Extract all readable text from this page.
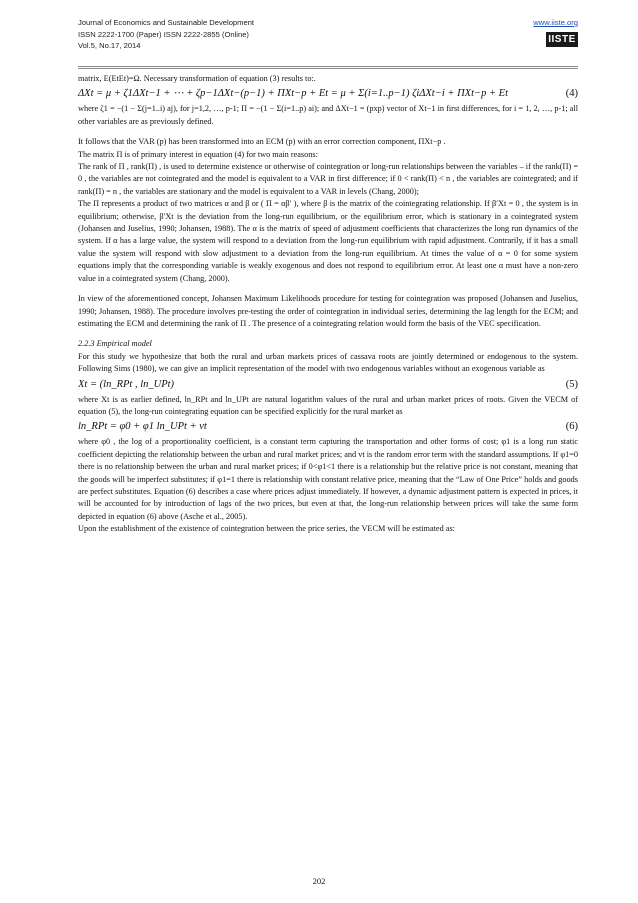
Journal of Economics and Sustainable Development
ISSN 2222-1700 (Paper) ISSN 2222-2855 (Online)
Vol.5, No.17, 2014
www.iiste.org
IISTE

matrix, E(EtEt)=Ω. Necessary transformation of equation (3) results to:.

ΔXt = μ + ζ1ΔXt−1 + ⋯ + ζp−1ΔXt−(p−1) + ΠXt−p + Et = μ + Σ(i=1..p−1) ζiΔXt−i + ΠXt−p + Et	(4)

where ζ1 = −(1 − Σ(j=1..i) aj), for j=1,2, …, p-1; Π = −(1 − Σ(i=1..p) ai); and ΔXt−1 = (pxp) vector of Xt−1 in first differences, for i = 1, 2, …, p-1; all other variables are as previously defined.

It follows that the VAR (p) has been transformed into an ECM (p) with an error correction component, ΠXt−p .

The matrix Π is of primary interest in equation (4) for two main reasons:

The rank of Π , rank(Π) , is used to determine existence or otherwise of cointegration or long-run relationships between the variables – if the rank(Π) = 0 , the variables are not cointegrated and the model is equivalent to a VAR in first difference; if 0 < rank(Π) < n , the variables are cointegrated; and if rank(Π) = n , the variables are stationary and the model is equivalent to a VAR in levels (Chang, 2000);

The Π represents a product of two matrices α and β or ( Π = αβ′ ), where β is the matrix of the cointegrating relationship. If β′Xt = 0 , the system is in equilibrium; otherwise, β′Xt is the deviation from the long-run equilibrium, or the equilibrium error, which is stationary in a cointegrated system (Johansen and Juselius, 1990; Johansen, 1988). The α is the matrix of speed of adjustment coefficients that characterizes the long run dynamics of the system. If α has a large value, the system will respond to a deviation from the long-run equilibrium with rapid adjustment. Contrarily, if it has a small value the system will respond with slow adjustment to a deviation from the long-run equilibrium. At times the value of α = 0 for some system equations imply that the corresponding variable is weakly exogenous and does not respond to equilibrium error. At least one α must have a non-zero value in a cointegrated system (Chang, 2000).

In view of the aforementioned concept, Johansen Maximum Likelihoods procedure for testing for cointegration was proposed (Johansen and Juselius, 1990; Johansen, 1988). The procedure involves pre-testing the order of cointegration in individual series, determining the lag length for the ECM; and estimating the ECM and determining the rank of Π . The presence of a cointegrating relation would form the basis of the VEC specification.

2.2.3 Empirical model

For this study we hypothesize that both the rural and urban markets prices of cassava roots are jointly determined or endogenous to the system. Following Sims (1980), we can give an implicit representation of the model with two endogenous variables without an exogenous variable as

Xt = (ln_RPt , ln_UPt)	(5)

where Xt is as earlier defined, ln_RPt and ln_UPt are natural logarithm values of the rural and urban market prices of roots. Given the VECM of equation (5), the long-run cointegrating equation can be specified explicitly for the rural market as

ln_RPt = φ0 + φ1 ln_UPt + vt	(6)

where φ0 , the log of a proportionality coefficient, is a constant term capturing the transportation and other forms of cost; φ1 is a long run static coefficient depicting the relationship between the urban and rural market prices; and vt is the random error term with the standard assumptions. If φ1=0 there is no relationship between the urban and rural market prices; if 0<φ1<1 there is a relationship but the relative price is not constant, meaning that the goods will be imperfect substitutes; if φ1=1 there is relationship with constant relative price, meaning that the “Law of One Price” holds and goods are perfect substitutes. Equation (6) describes a case where prices adjust immediately. If however, a dynamic adjustment pattern is expected in prices, it will be accounted for by introduction of lags of the two prices, but even at that, the long-run relationship between prices will take the same form depicted in equation (6) above (Asche et al., 2005).

Upon the establishment of the existence of cointegration between the price series, the VECM will be estimated as:

202
